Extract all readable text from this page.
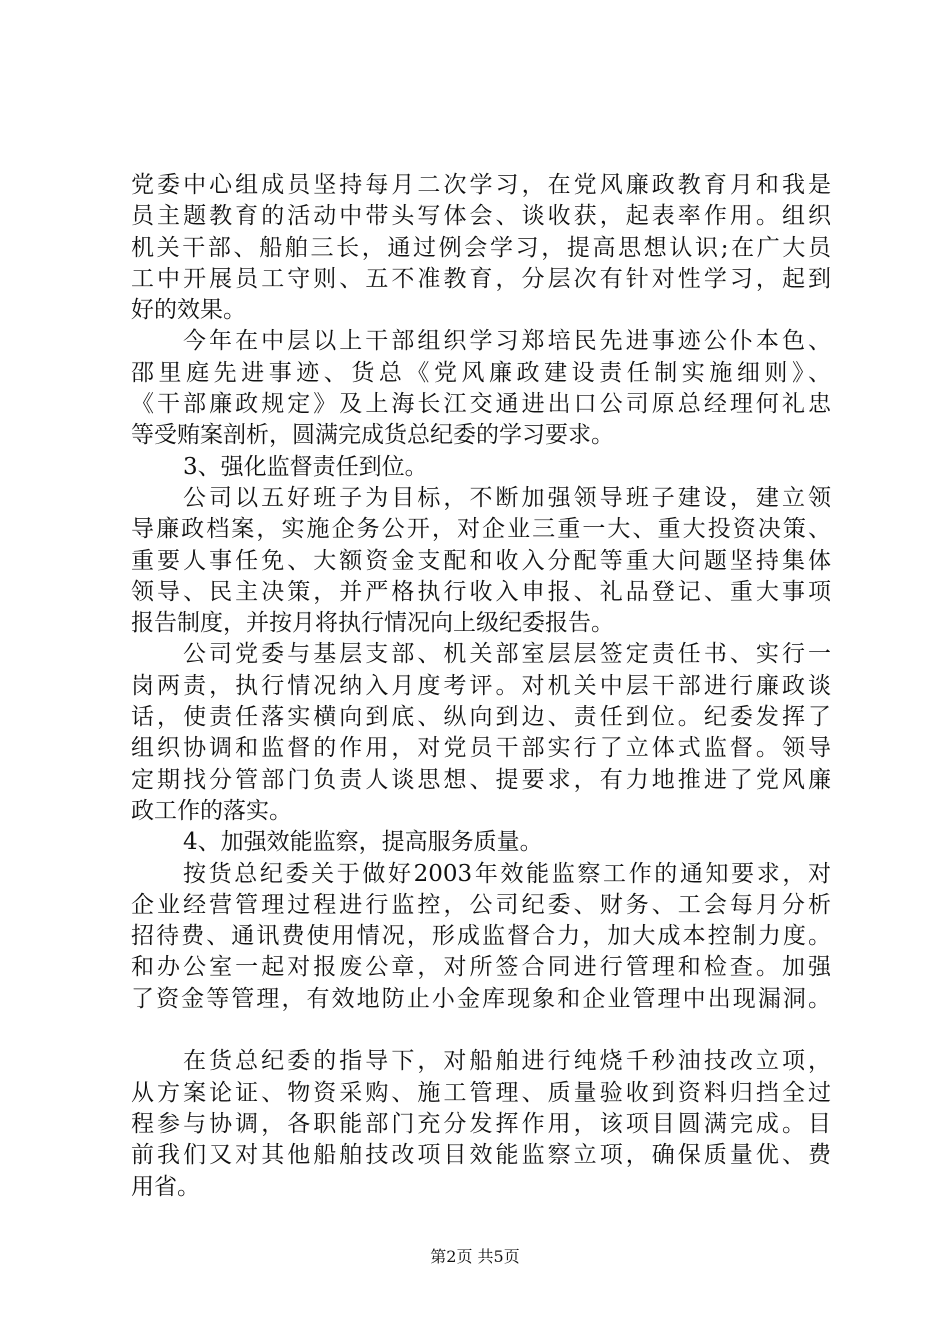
党委中心组成员坚持每月二次学习，在党风廉政教育月和我是
员主题教育的活动中带头写体会、谈收获，起表率作用。组织
机关干部、船舶三长，通过例会学习，提高思想认识;在广大员
工中开展员工守则、五不准教育，分层次有针对性学习，起到
好的效果。
今年在中层以上干部组织学习郑培民先进事迹公仆本色、
邵里庭先进事迹、货总《党风廉政建设责任制实施细则》、
《干部廉政规定》及上海长江交通进出口公司原总经理何礼忠
等受贿案剖析，圆满完成货总纪委的学习要求。
3、强化监督责任到位。
公司以五好班子为目标，不断加强领导班子建设，建立领
导廉政档案，实施企务公开，对企业三重一大、重大投资决策、
重要人事任免、大额资金支配和收入分配等重大问题坚持集体
领导、民主决策，并严格执行收入申报、礼品登记、重大事项
报告制度，并按月将执行情况向上级纪委报告。
公司党委与基层支部、机关部室层层签定责任书、实行一
岗两责，执行情况纳入月度考评。对机关中层干部进行廉政谈
话，使责任落实横向到底、纵向到边、责任到位。纪委发挥了
组织协调和监督的作用，对党员干部实行了立体式监督。领导
定期找分管部门负责人谈思想、提要求，有力地推进了党风廉
政工作的落实。
4、加强效能监察，提高服务质量。
按货总纪委关于做好2003年效能监察工作的通知要求，对
企业经营管理过程进行监控，公司纪委、财务、工会每月分析
招待费、通讯费使用情况，形成监督合力，加大成本控制力度。
和办公室一起对报废公章，对所签合同进行管理和检查。加强
了资金等管理，有效地防止小金库现象和企业管理中出现漏洞。
在货总纪委的指导下，对船舶进行纯烧千秒油技改立项，
从方案论证、物资采购、施工管理、质量验收到资料归挡全过
程参与协调，各职能部门充分发挥作用，该项目圆满完成。目
前我们又对其他船舶技改项目效能监察立项，确保质量优、费
用省。
第2页 共5页
